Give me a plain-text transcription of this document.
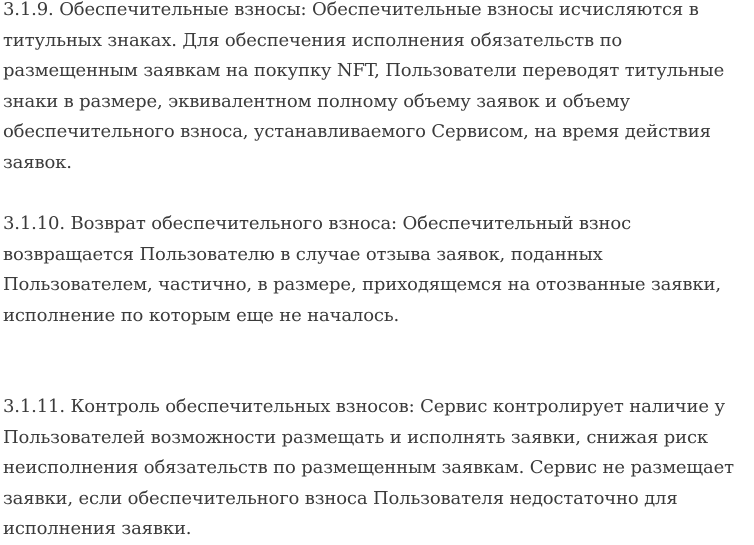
3.1.9. Обеспечительные взносы: Обеспечительные взносы исчисляются в титульных знаках. Для обеспечения исполнения обязательств по размещенным заявкам на покупку NFT, Пользователи переводят титульные знаки в размере, эквивалентном полному объему заявок и объему обеспечительного взноса, устанавливаемого Сервисом, на время действия заявок.

3.1.10. Возврат обеспечительного взноса: Обеспечительный взнос возвращается Пользователю в случае отзыва заявок, поданных Пользователем, частично, в размере, приходящемся на отозванные заявки, исполнение по которым еще не началось.

3.1.11. Контроль обеспечительных взносов: Сервис контролирует наличие у Пользователей возможности размещать и исполнять заявки, снижая риск неисполнения обязательств по размещенным заявкам. Сервис не размещает заявки, если обеспечительного взноса Пользователя недостаточно для исполнения заявки.
